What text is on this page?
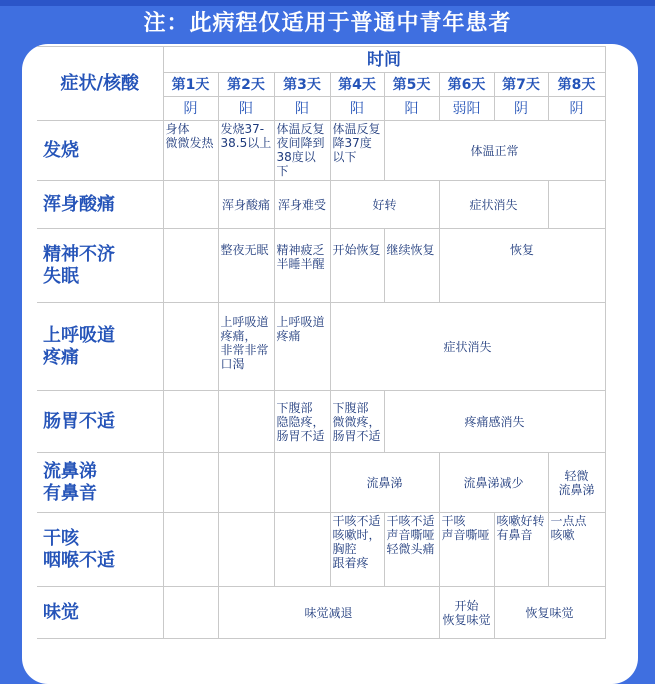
注：此病程仅适用于普通中青年患者
症状/核酸	时间							
	第1天	第2天	第3天	第4天	第5天	第6天	第7天	第8天
	阴	阳	阳	阳	阳	弱阳	阴	阴
发烧	身体
微微发热	发烧37-
38.5以上	体温反复
夜间降到
38度以下	体温反复
降37度
以下	体温正常			
浑身酸痛		浑身酸痛	浑身难受	好转		症状消失		
精神不济
失眠		整夜无眠	精神疲乏
半睡半醒	开始恢复	继续恢复	恢复		
上呼吸道
疼痛		上呼吸道
疼痛，
非常非常
口渴	上呼吸道
疼痛	症状消失				
肠胃不适			下腹部
隐隐疼，
肠胃不适	下腹部
微微疼，
肠胃不适	疼痛感消失			
流鼻涕
有鼻音				流鼻涕		流鼻涕减少		轻微
流鼻涕
干咳
咽喉不适				干咳不适
咳嗽时，
胸腔
跟着疼	干咳不适
声音嘶哑
轻微头痛	干咳
声音嘶哑	咳嗽好转
有鼻音	一点点
咳嗽
味觉		味觉减退				开始
恢复味觉	恢复味觉	
